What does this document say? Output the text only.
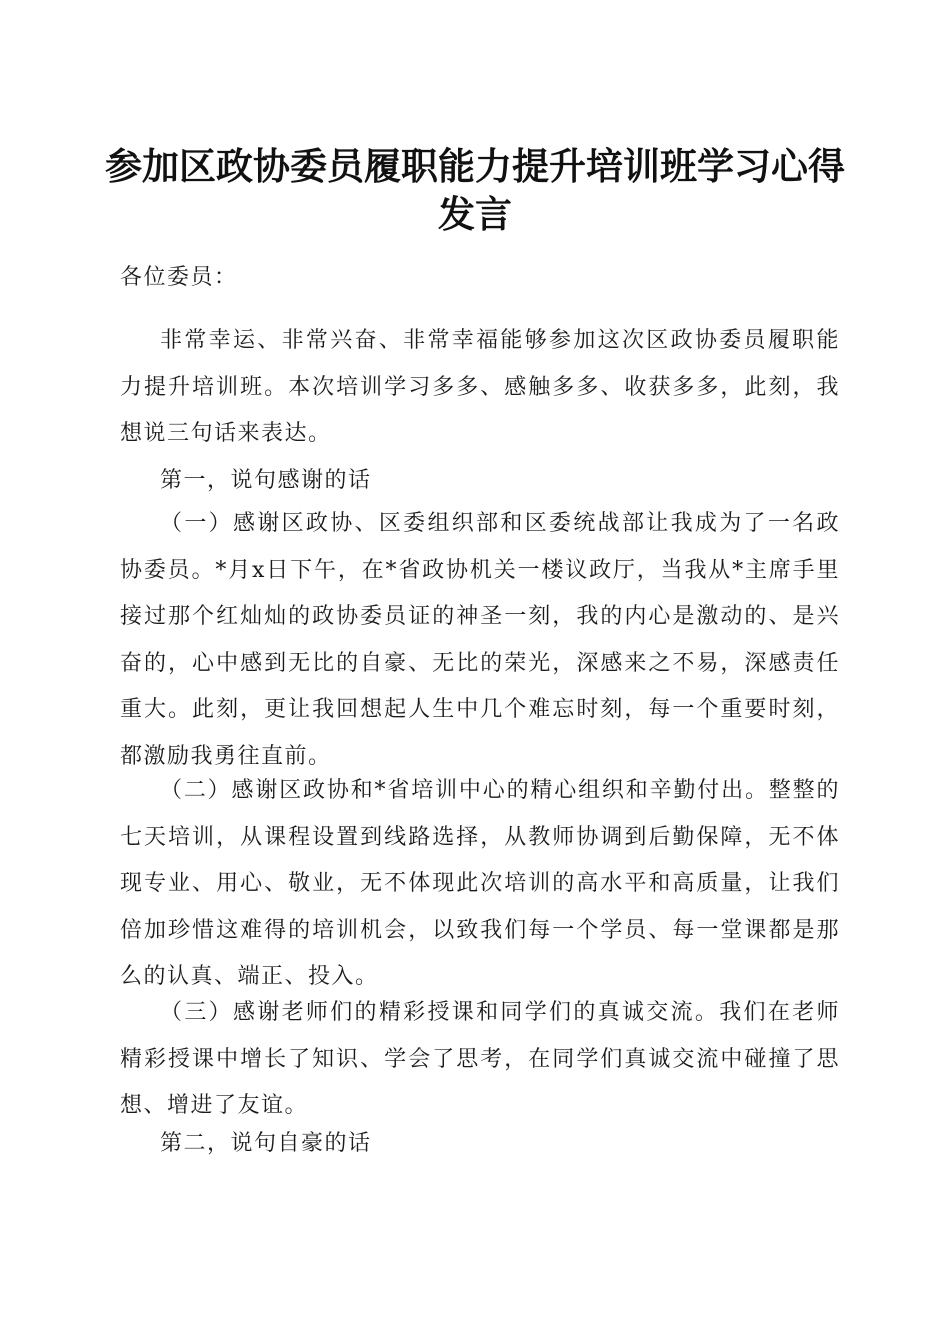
参加区政协委员履职能力提升培训班学习心得
发言

各位委员：

非常幸运、非常兴奋、非常幸福能够参加这次区政协委员履职能力提升培训班。本次培训学习多多、感触多多、收获多多，此刻，我想说三句话来表达。

第一，说句感谢的话

（一）感谢区政协、区委组织部和区委统战部让我成为了一名政协委员。*月x日下午，在*省政协机关一楼议政厅，当我从*主席手里接过那个红灿灿的政协委员证的神圣一刻，我的内心是激动的、是兴奋的，心中感到无比的自豪、无比的荣光，深感来之不易，深感责任重大。此刻，更让我回想起人生中几个难忘时刻，每一个重要时刻，都激励我勇往直前。

（二）感谢区政协和*省培训中心的精心组织和辛勤付出。整整的七天培训，从课程设置到线路选择，从教师协调到后勤保障，无不体现专业、用心、敬业，无不体现此次培训的高水平和高质量，让我们倍加珍惜这难得的培训机会，以致我们每一个学员、每一堂课都是那么的认真、端正、投入。

（三）感谢老师们的精彩授课和同学们的真诚交流。我们在老师精彩授课中增长了知识、学会了思考，在同学们真诚交流中碰撞了思想、增进了友谊。

第二，说句自豪的话
